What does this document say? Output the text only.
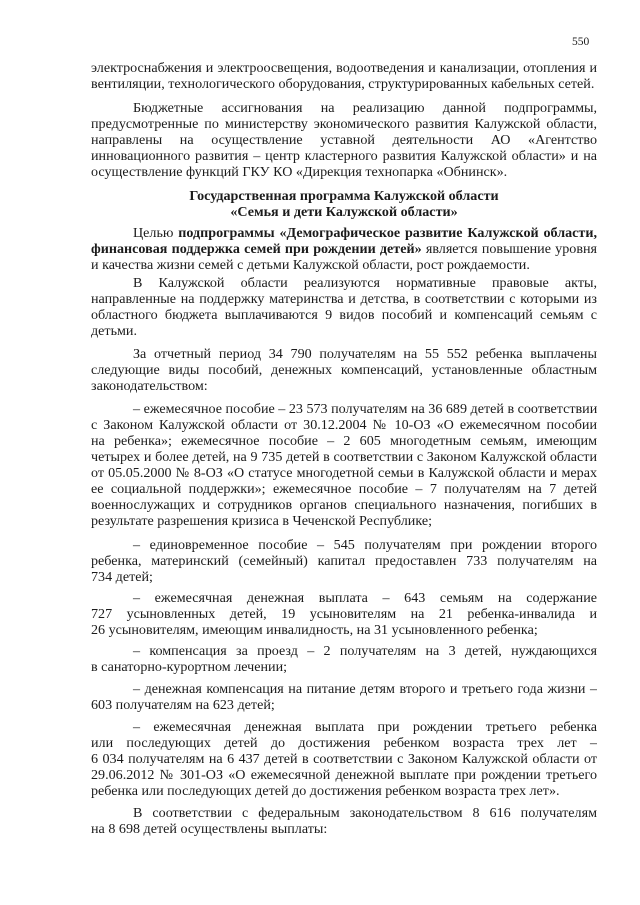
550
электроснабжения и электроосвещения, водоотведения и канализации, отопления и
вентиляции, технологического оборудования, структурированных кабельных сетей.
Бюджетные ассигнования на реализацию данной подпрограммы,
предусмотренные по министерству экономического развития Калужской области,
направлены на осуществление уставной деятельности АО «Агентство
инновационного развития – центр кластерного развития Калужской области» и на
осуществление функций ГКУ КО «Дирекция технопарка «Обнинск».
Государственная программа Калужской области
«Семья и дети Калужской области»
Целью подпрограммы «Демографическое развитие Калужской области,
финансовая поддержка семей при рождении детей» является повышение уровня
и качества жизни семей с детьми Калужской области, рост рождаемости.
В Калужской области реализуются нормативные правовые акты,
направленные на поддержку материнства и детства, в соответствии с которыми из
областного бюджета выплачиваются 9 видов пособий и компенсаций семьям с
детьми.
За отчетный период 34 790 получателям на 55 552 ребенка выплачены
следующие виды пособий, денежных компенсаций, установленные областным
законодательством:
– ежемесячное пособие – 23 573 получателям на 36 689 детей в соответствии
с Законом Калужской области от 30.12.2004 № 10-ОЗ «О ежемесячном пособии
на ребенка»; ежемесячное пособие – 2 605 многодетным семьям, имеющим
четырех и более детей, на 9 735 детей в соответствии с Законом Калужской области
от 05.05.2000 № 8-ОЗ «О статусе многодетной семьи в Калужской области и мерах
ее социальной поддержки»; ежемесячное пособие – 7 получателям на 7 детей
военнослужащих и сотрудников органов специального назначения, погибших в
результате разрешения кризиса в Чеченской Республике;
– единовременное пособие – 545 получателям при рождении второго
ребенка, материнский (семейный) капитал предоставлен 733 получателям на
734 детей;
– ежемесячная денежная выплата – 643 семьям на содержание
727 усыновленных детей, 19 усыновителям на 21 ребенка-инвалида и
26 усыновителям, имеющим инвалидность, на 31 усыновленного ребенка;
– компенсация за проезд – 2 получателям на 3 детей, нуждающихся
в санаторно-курортном лечении;
– денежная компенсация на питание детям второго и третьего года жизни –
603 получателям на 623 детей;
– ежемесячная денежная выплата при рождении третьего ребенка
или последующих детей до достижения ребенком возраста трех лет –
6 034 получателям на 6 437 детей в соответствии с Законом Калужской области от
29.06.2012 № 301-ОЗ «О ежемесячной денежной выплате при рождении третьего
ребенка или последующих детей до достижения ребенком возраста трех лет».
В соответствии с федеральным законодательством 8 616 получателям
на 8 698 детей осуществлены выплаты:
